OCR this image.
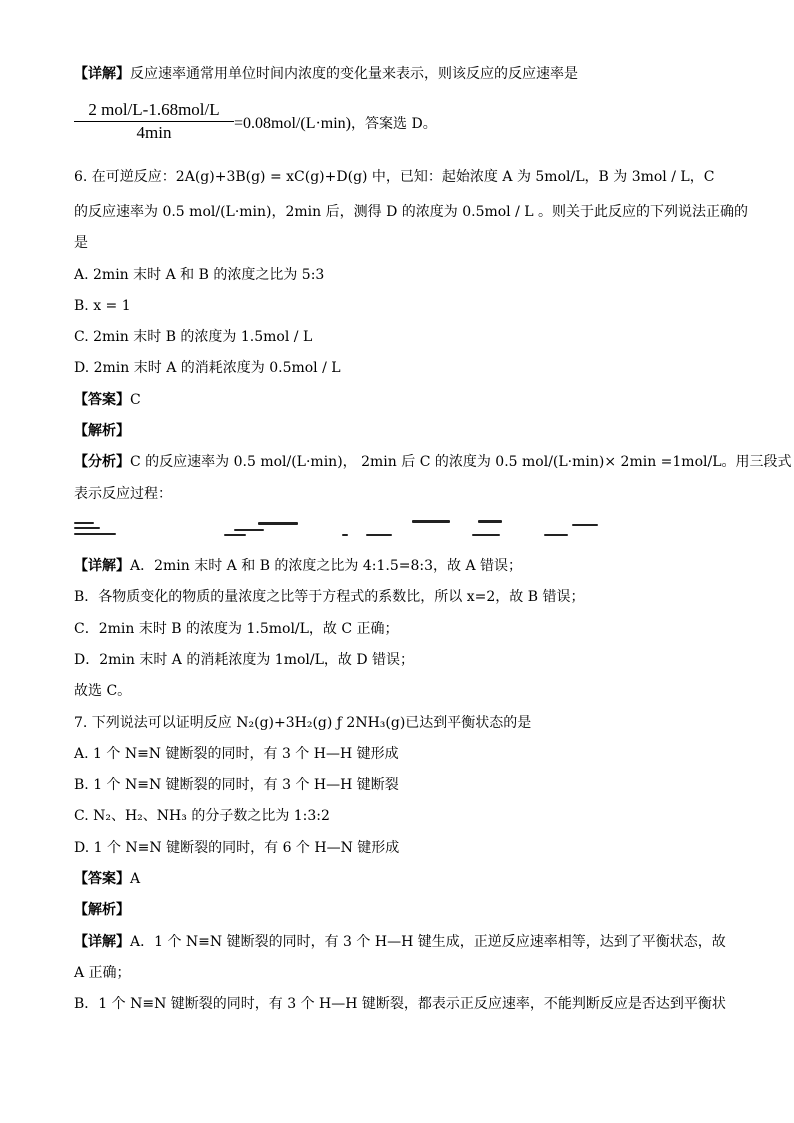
【详解】反应速率通常用单位时间内浓度的变化量来表示，则该反应的反应速率是
2 mol/L-1.68mol/L
4min	=0.08mol/(L·min)，答案选 D。
6. 在可逆反应：2A(g)+3B(g) = xC(g)+D(g) 中，已知：起始浓度 A 为 5mol/L，B 为 3mol / L，C
的反应速率为 0.5 mol/(L·min)，2min 后，测得 D 的浓度为 0.5mol / L 。则关于此反应的下列说法正确的
是
A. 2min 末时 A 和 B 的浓度之比为 5:3
B. x = 1
C. 2min 末时 B 的浓度为 1.5mol / L
D. 2min 末时 A 的消耗浓度为 0.5mol / L
【答案】C
【解析】
【分析】C 的反应速率为 0.5 mol/(L·min)， 2min 后 C 的浓度为 0.5 mol/(L·min)× 2min =1mol/L。用三段式
表示反应过程：
【详解】A．2min 末时 A 和 B 的浓度之比为 4:1.5=8:3，故 A 错误；
B．各物质变化的物质的量浓度之比等于方程式的系数比，所以 x=2，故 B 错误；
C．2min 末时 B 的浓度为 1.5mol/L，故 C 正确；
D．2min 末时 A 的消耗浓度为 1mol/L，故 D 错误；
故选 C。
7. 下列说法可以证明反应 N₂(g)+3H₂(g) ƒ 2NH₃(g)已达到平衡状态的是
A. 1 个 N≡N 键断裂的同时，有 3 个 H—H 键形成
B. 1 个 N≡N 键断裂的同时，有 3 个 H—H 键断裂
C. N₂、H₂、NH₃ 的分子数之比为 1:3:2
D. 1 个 N≡N 键断裂的同时，有 6 个 H—N 键形成
【答案】A
【解析】
【详解】A．1 个 N≡N 键断裂的同时，有 3 个 H—H 键生成，正逆反应速率相等，达到了平衡状态，故
A 正确；
B．1 个 N≡N 键断裂的同时，有 3 个 H—H 键断裂，都表示正反应速率，不能判断反应是否达到平衡状
